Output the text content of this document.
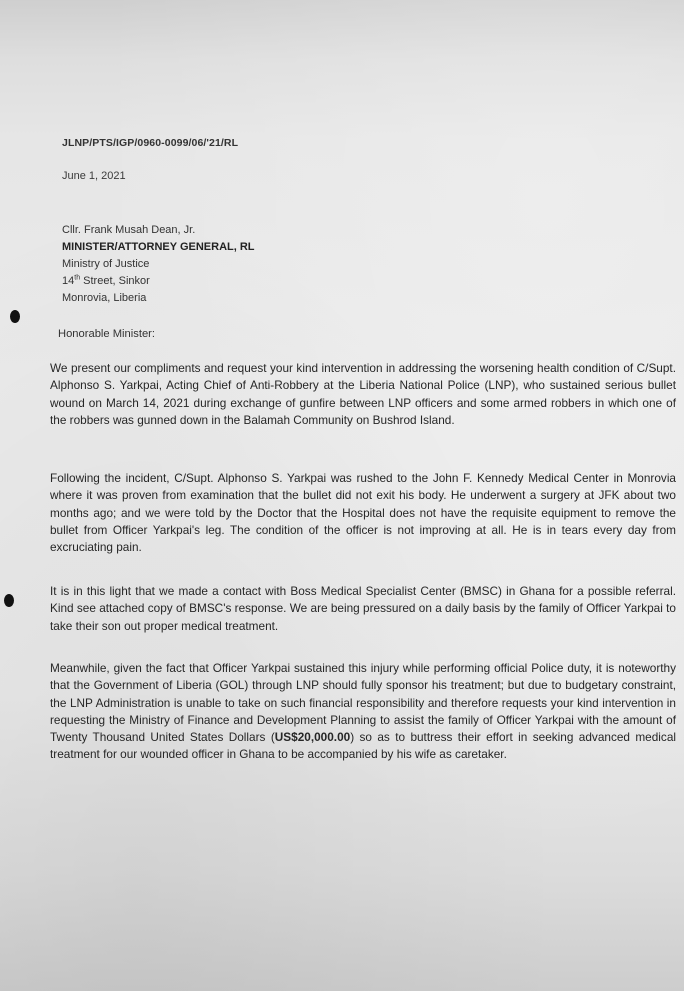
JLNP/PTS/IGP/0960-0099/06/'21/RL
June 1, 2021
Cllr. Frank Musah Dean, Jr.
MINISTER/ATTORNEY GENERAL, RL
Ministry of Justice
14th Street, Sinkor
Monrovia, Liberia
Honorable Minister:
We present our compliments and request your kind intervention in addressing the worsening health condition of C/Supt. Alphonso S. Yarkpai, Acting Chief of Anti-Robbery at the Liberia National Police (LNP), who sustained serious bullet wound on March 14, 2021 during exchange of gunfire between LNP officers and some armed robbers in which one of the robbers was gunned down in the Balamah Community on Bushrod Island.
Following the incident, C/Supt. Alphonso S. Yarkpai was rushed to the John F. Kennedy Medical Center in Monrovia where it was proven from examination that the bullet did not exit his body. He underwent a surgery at JFK about two months ago; and we were told by the Doctor that the Hospital does not have the requisite equipment to remove the bullet from Officer Yarkpai's leg. The condition of the officer is not improving at all. He is in tears every day from excruciating pain.
It is in this light that we made a contact with Boss Medical Specialist Center (BMSC) in Ghana for a possible referral. Kind see attached copy of BMSC's response. We are being pressured on a daily basis by the family of Officer Yarkpai to take their son out proper medical treatment.
Meanwhile, given the fact that Officer Yarkpai sustained this injury while performing official Police duty, it is noteworthy that the Government of Liberia (GOL) through LNP should fully sponsor his treatment; but due to budgetary constraint, the LNP Administration is unable to take on such financial responsibility and therefore requests your kind intervention in requesting the Ministry of Finance and Development Planning to assist the family of Officer Yarkpai with the amount of Twenty Thousand United States Dollars (US$20,000.00) so as to buttress their effort in seeking advanced medical treatment for our wounded officer in Ghana to be accompanied by his wife as caretaker.
